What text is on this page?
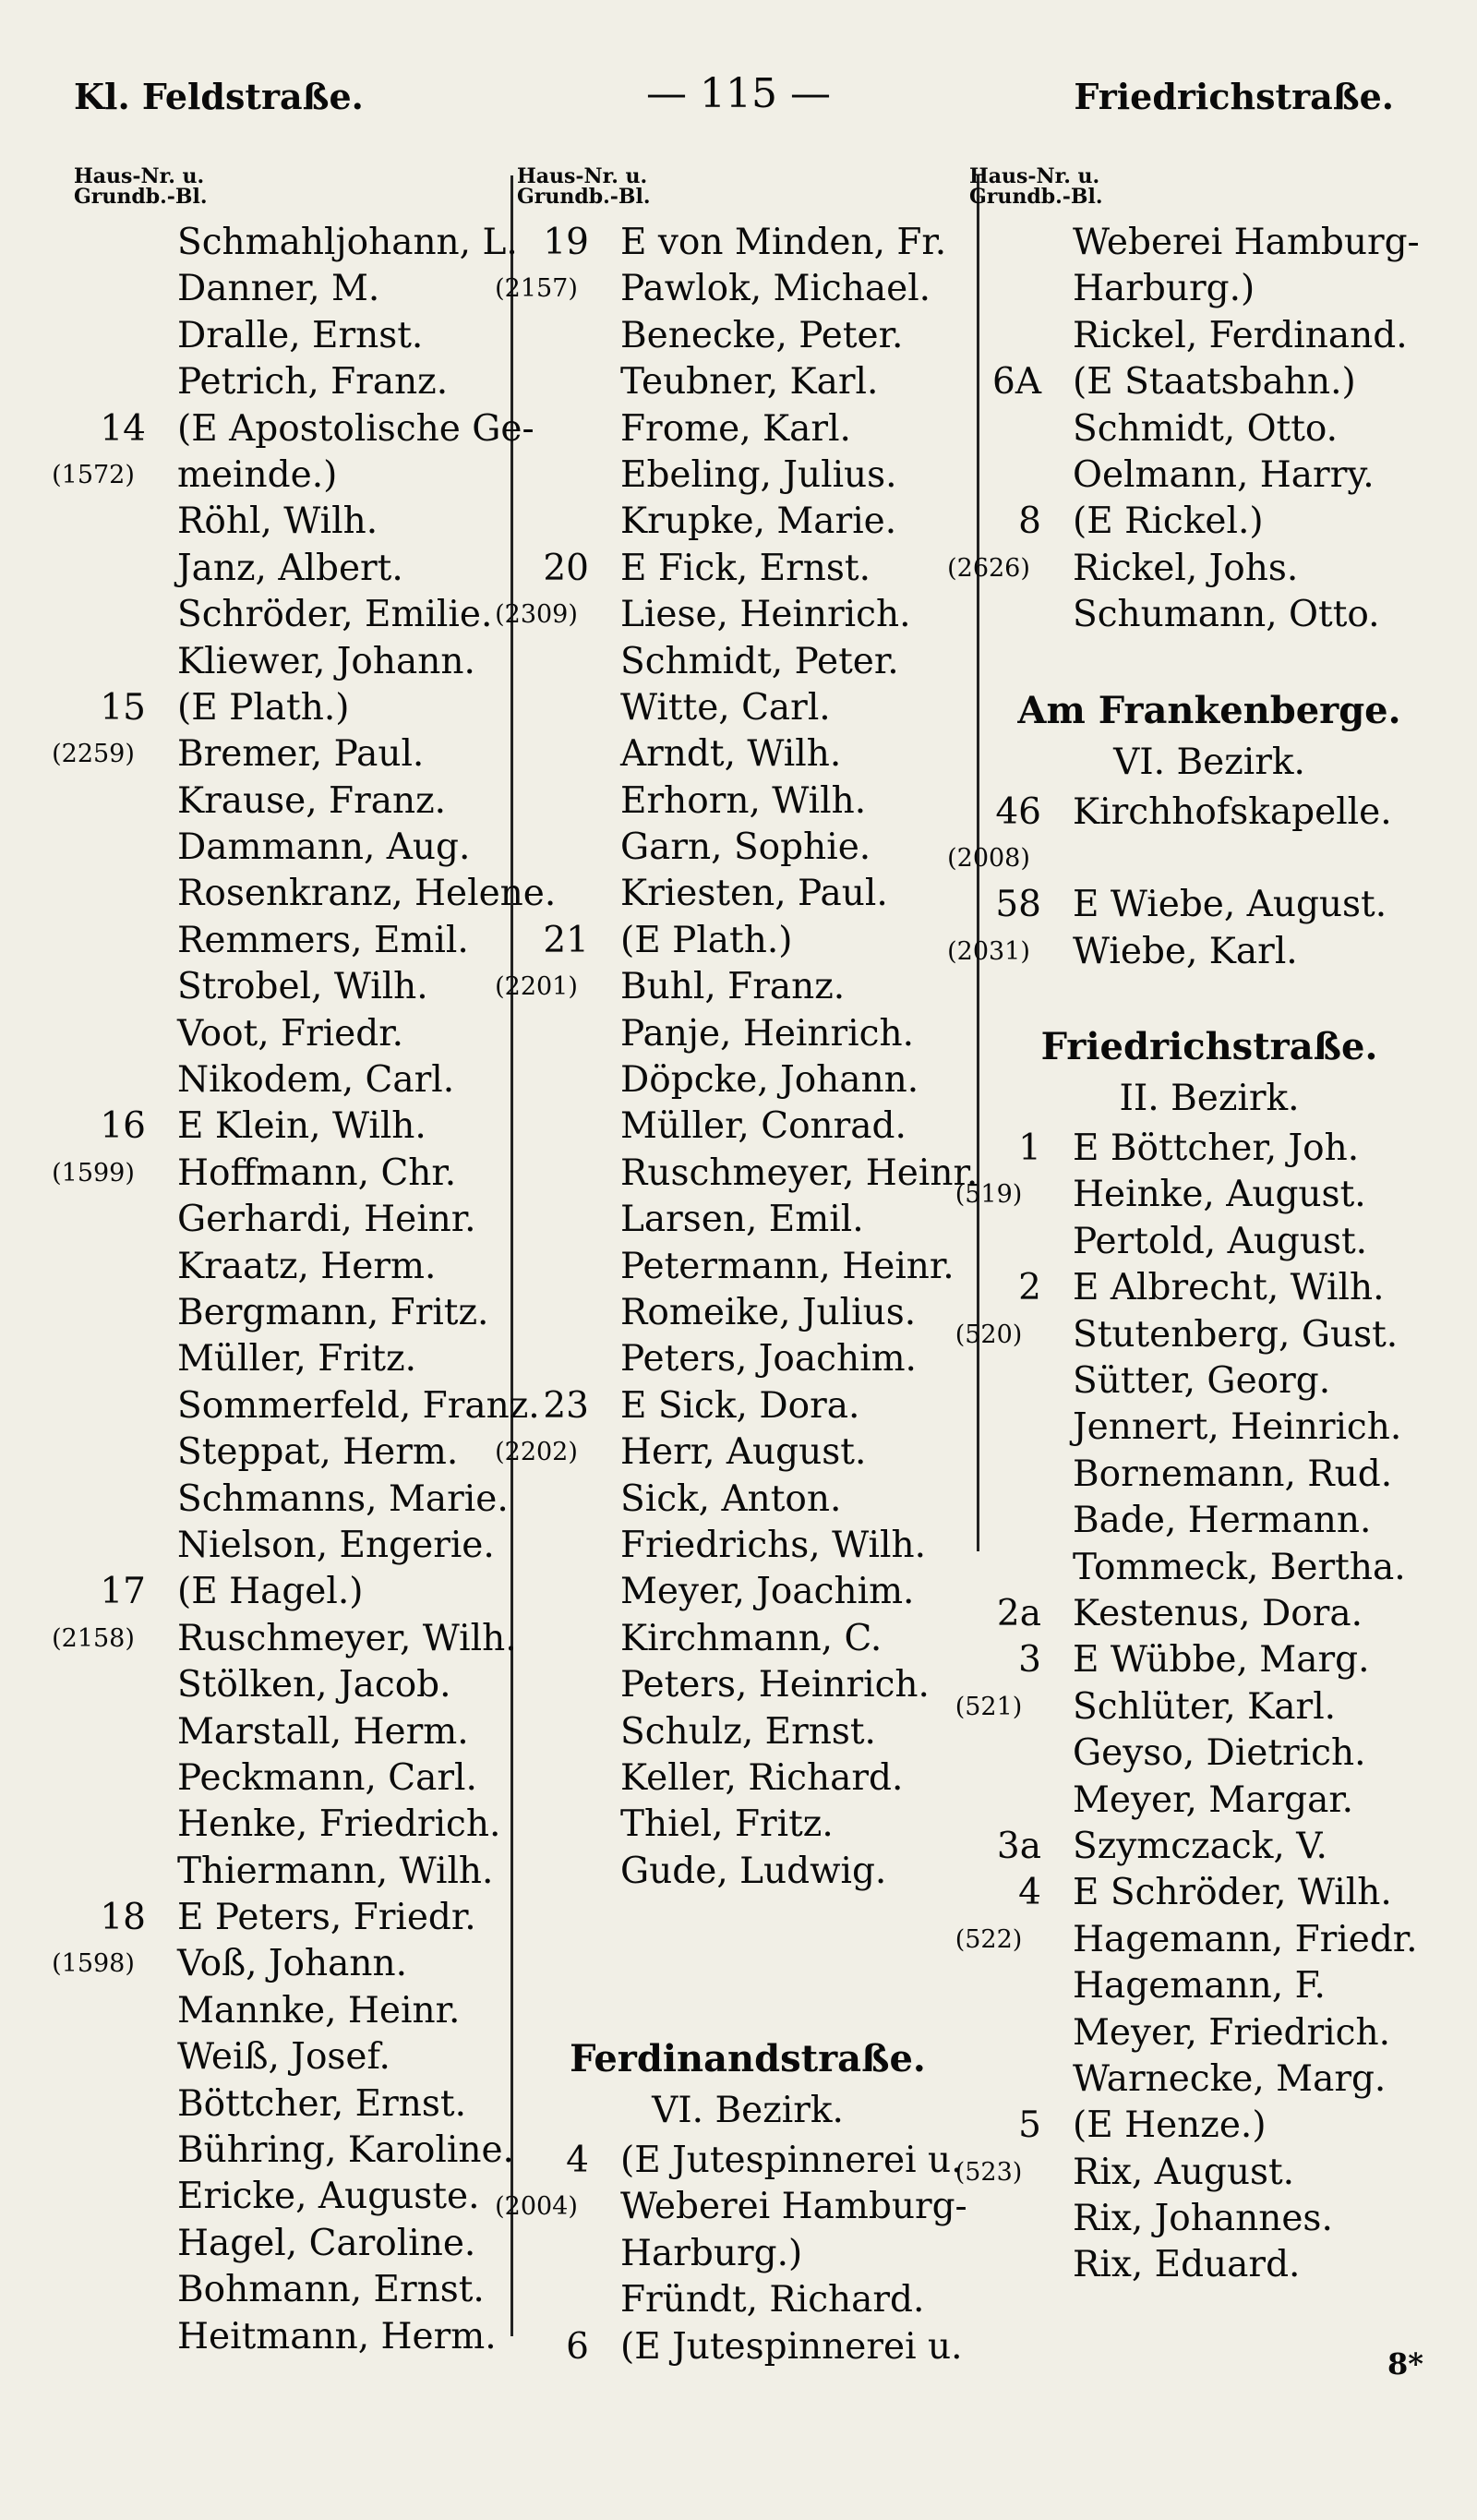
Kl. Feldstraße.	— 115 —	Friedrichstraße.
Haus-Nr. u.
Grundb.-Bl.
Schmahljohann, L.
Danner, M.
Dralle, Ernst.
Petrich, Franz.
14 (E Apostolische Ge-
(1572)	meinde.)
Röhl, Wilh.
Janz, Albert.
Schröder, Emilie.
Kliewer, Johann.
15 (E Plath.)
(2259)	Bremer, Paul.
Krause, Franz.
Dammann, Aug.
Rosenkranz, Helene.
Remmers, Emil.
Strobel, Wilh.
Voot, Friedr.
Nikodem, Carl.
16 E Klein, Wilh.
(1599)	Hoffmann, Chr.
Gerhardi, Heinr.
Kraatz, Herm.
Bergmann, Fritz.
Müller, Fritz.
Sommerfeld, Franz.
Steppat, Herm.
Schmanns, Marie.
Nielson, Engerie.
17 (E Hagel.)
(2158)	Ruschmeyer, Wilh.
Stölken, Jacob.
Marstall, Herm.
Peckmann, Carl.
Henke, Friedrich.
Thiermann, Wilh.
18 E Peters, Friedr.
(1598)	Voß, Johann.
Mannke, Heinr.
Weiß, Josef.
Böttcher, Ernst.
Bühring, Karoline.
Ericke, Auguste.
Hagel, Caroline.
Bohmann, Ernst.
Heitmann, Herm.
Haus-Nr. u.
Grundb.-Bl.
19 E von Minden, Fr.
(2157)	Pawlok, Michael.
Benecke, Peter.
Teubner, Karl.
Frome, Karl.
Ebeling, Julius.
Krupke, Marie.
20 E Fick, Ernst.
(2309)	Liese, Heinrich.
Schmidt, Peter.
Witte, Carl.
Arndt, Wilh.
Erhorn, Wilh.
Garn, Sophie.
Kriesten, Paul.
21 (E Plath.)
(2201)	Buhl, Franz.
Panje, Heinrich.
Döpcke, Johann.
Müller, Conrad.
Ruschmeyer, Heinr.
Larsen, Emil.
Petermann, Heinr.
Romeike, Julius.
Peters, Joachim.
23 E Sick, Dora.
(2202)	Herr, August.
Sick, Anton.
Friedrichs, Wilh.
Meyer, Joachim.
Kirchmann, C.
Peters, Heinrich.
Schulz, Ernst.
Keller, Richard.
Thiel, Fritz.
Gude, Ludwig.
Ferdinandstraße.
VI. Bezirk.
4 (E Jutespinnerei u.
(2004)	Weberei Hamburg-
Harburg.)
Fründt, Richard.
6 (E Jutespinnerei u.
Haus-Nr. u.
Grundb.-Bl.
Weberei Hamburg-
Harburg.)
Rickel, Ferdinand.
6A (E Staatsbahn.)
Schmidt, Otto.
Oelmann, Harry.
8 (E Rickel.)
(2626)	Rickel, Johs.
Schumann, Otto.
Am Frankenberge.
VI. Bezirk.
46 Kirchhofskapelle.
(2008)
58 E Wiebe, August.
(2031)	Wiebe, Karl.
Friedrichstraße.
II. Bezirk.
1 E Böttcher, Joh.
(519)	Heinke, August.
Pertold, August.
2 E Albrecht, Wilh.
(520)	Stutenberg, Gust.
Sütter, Georg.
Jennert, Heinrich.
Bornemann, Rud.
Bade, Hermann.
Tommeck, Bertha.
2a Kestenus, Dora.
3 E Wübbe, Marg.
(521)	Schlüter, Karl.
Geyso, Dietrich.
Meyer, Margar.
3a Szymczack, V.
4 E Schröder, Wilh.
(522)	Hagemann, Friedr.
Hagemann, F.
Meyer, Friedrich.
Warnecke, Marg.
5 (E Henze.)
(523)	Rix, August.
Rix, Johannes.
Rix, Eduard.
8*
